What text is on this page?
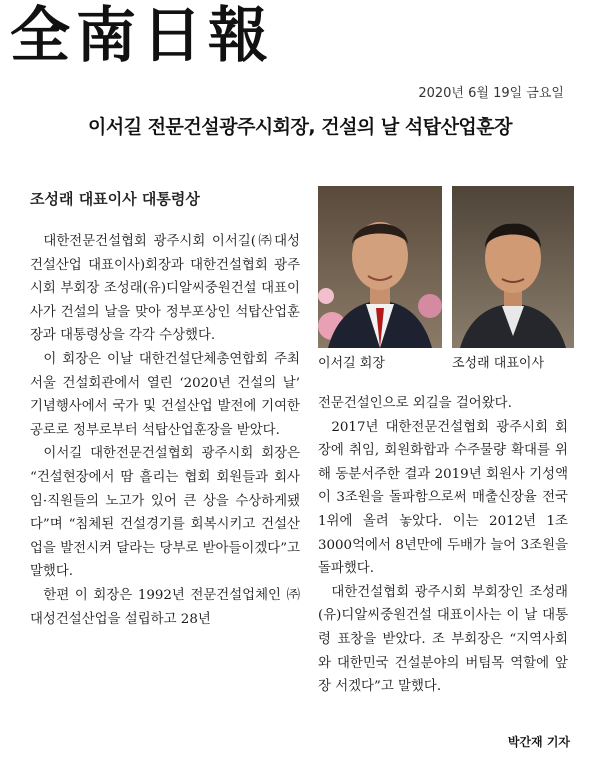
全南日報
2020년 6월 19일 금요일
이서길 전문건설광주시회장, 건설의 날 석탑산업훈장
조성래 대표이사 대통령상

대한전문건설협회 광주시회 이서길(㈜대성건설산업 대표이사)회장과 대한건설협회 광주시회 부회장 조성래(유)디알씨중원건설 대표이사가 건설의 날을 맞아 정부포상인 석탑산업훈장과 대통령상을 각각 수상했다.

이 회장은 이날 대한건설단체총연합회 주최 서울 건설회관에서 열린 ‘2020년 건설의 날’ 기념행사에서 국가 및 건설산업 발전에 기여한 공로로 정부로부터 석탑산업훈장을 받았다.

이서길 대한전문건설협회 광주시회 회장은 “건설현장에서 땀 흘리는 협회 회원들과 회사 임·직원들의 노고가 있어 큰 상을 수상하게됐다”며 “침체된 건설경기를 회복시키고 건설산업을 발전시켜 달라는 당부로 받아들이겠다”고 말했다.

한편 이 회장은 1992년 전문건설업체인 ㈜대성건설산업을 설립하고 28년

이서길 회장	조성래 대표이사

전문건설인으로 외길을 걸어왔다.

2017년 대한전문건설협회 광주시회 회장에 취임, 회원화합과 수주물량 확대를 위해 동분서주한 결과 2019년 회원사 기성액이 3조원을 돌파함으로써 매출신장율 전국 1위에 올려 놓았다. 이는 2012년 1조3000억에서 8년만에 두배가 늘어 3조원을 돌파했다.

대한건설협회 광주시회 부회장인 조성래 (유)디알씨중원건설 대표이사는 이 날 대통령 표창을 받았다. 조 부회장은 “지역사회와 대한민국 건설분야의 버팀목 역할에 앞장 서겠다”고 말했다.

박간재 기자
